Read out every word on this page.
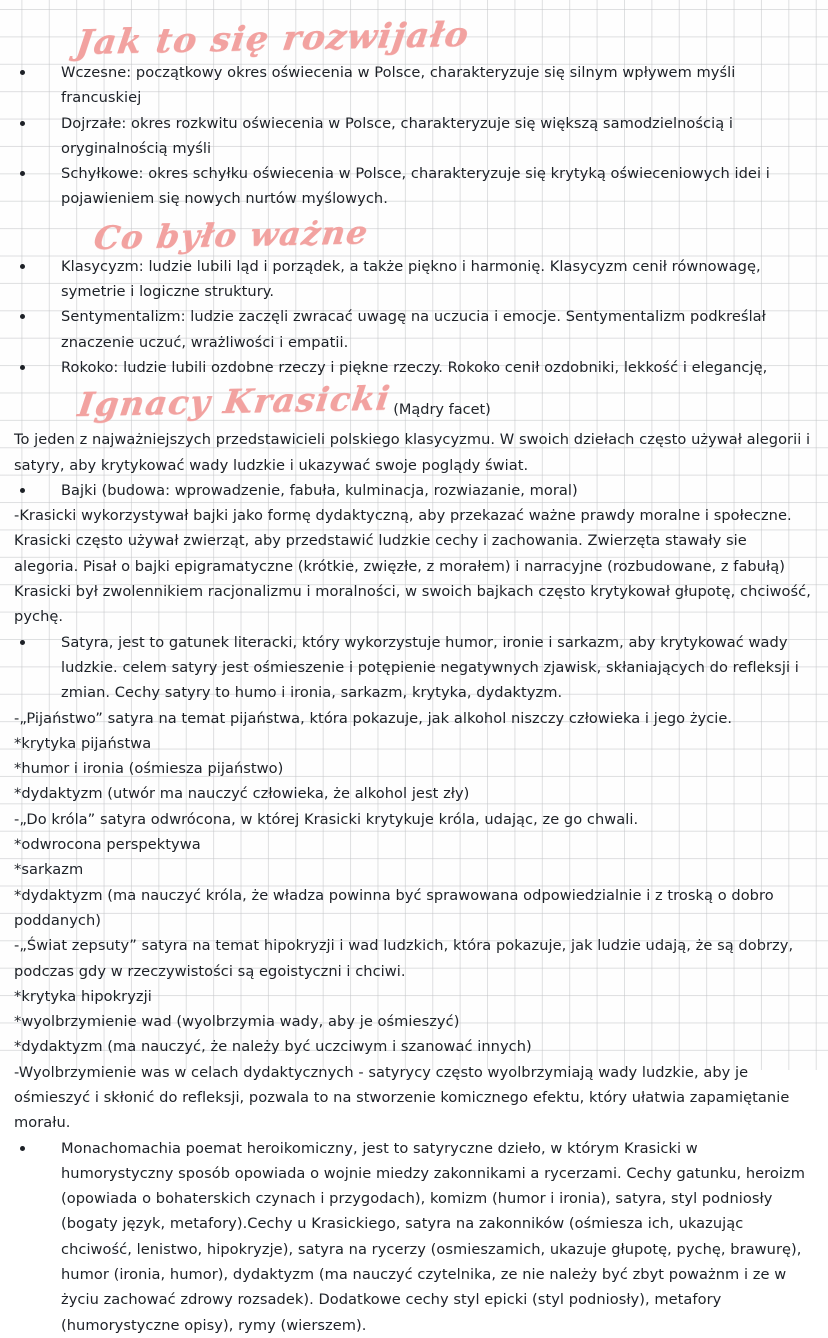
Jak to się rozwijało
Wczesne: początkowy okres oświecenia w Polsce, charakteryzuje się silnym wpływem myśli francuskiej
Dojrzałe: okres rozkwitu oświecenia w Polsce, charakteryzuje się większą samodzielnością i oryginalnością myśli
Schyłkowe: okres schyłku oświecenia w Polsce, charakteryzuje się krytyką oświeceniowych idei i pojawieniem się nowych nurtów myślowych.
Co było ważne
Klasycyzm: ludzie lubili ląd i porządek, a także piękno i harmonię. Klasycyzm cenił równowagę, symetrie i logiczne struktury.
Sentymentalizm: ludzie zaczęli zwracać uwagę na uczucia i emocje. Sentymentalizm podkreślał znaczenie uczuć, wrażliwości i empatii.
Rokoko: ludzie lubili ozdobne rzeczy i piękne rzeczy. Rokoko cenił ozdobniki, lekkość i elegancję,
Ignacy Krasicki(Mądry facet)

To jeden z najważniejszych przedstawicieli polskiego klasycyzmu. W swoich dziełach często używał alegorii i satyry, aby krytykować wady ludzkie i ukazywać swoje poglądy świat.

Bajki (budowa: wprowadzenie, fabuła, kulminacja, rozwiazanie, moral)

-Krasicki wykorzystywał bajki jako formę dydaktyczną, aby przekazać ważne prawdy moralne i społeczne. Krasicki często używał zwierząt, aby przedstawić ludzkie cechy i zachowania. Zwierzęta stawały sie alegoria. Pisał o bajki epigramatyczne (krótkie, zwięzłe, z morałem) i narracyjne (rozbudowane, z fabułą) Krasicki był zwolennikiem racjonalizmu i moralności, w swoich bajkach często krytykował głupotę, chciwość, pychę.

Satyra, jest to gatunek literacki, który wykorzystuje humor, ironie i sarkazm, aby krytykować wady ludzkie. celem satyry jest ośmieszenie i potępienie negatywnych zjawisk, skłaniających do refleksji i zmian. Cechy satyry to humo i ironia, sarkazm, krytyka, dydaktyzm.

-„Pijaństwo” satyra na temat pijaństwa, która pokazuje, jak alkohol niszczy człowieka i jego życie.

*krytyka pijaństwa

*humor i ironia (ośmiesza pijaństwo)

*dydaktyzm (utwór ma nauczyć człowieka, że alkohol jest zły)

-„Do króla” satyra odwrócona, w której Krasicki krytykuje króla, udając, ze go chwali.

*odwrocona perspektywa

*sarkazm

*dydaktyzm (ma nauczyć króla, że władza powinna być sprawowana odpowiedzialnie i z troską o dobro poddanych)

-„Świat zepsuty” satyra na temat hipokryzji i wad ludzkich, która pokazuje, jak ludzie udają, że są dobrzy, podczas gdy w rzeczywistości są egoistyczni i chciwi.

*krytyka hipokryzji

*wyolbrzymienie wad (wyolbrzymia wady, aby je ośmieszyć)

*dydaktyzm (ma nauczyć, że należy być uczciwym i szanować innych)

-Wyolbrzymienie was w celach dydaktycznych - satyrycy często wyolbrzymiają wady ludzkie, aby je ośmieszyć i skłonić do refleksji, pozwala to na stworzenie komicznego efektu, który ułatwia zapamiętanie morału.

Monachomachia poemat heroikomiczny, jest to satyryczne dzieło, w którym Krasicki w humorystyczny sposób opowiada o wojnie miedzy zakonnikami a rycerzami. Cechy gatunku, heroizm (opowiada o bohaterskich czynach i przygodach), komizm (humor i ironia), satyra, styl podniosły (bogaty język, metafory).Cechy u Krasickiego, satyra na zakonników (ośmiesza ich, ukazując chciwość, lenistwo, hipokryzje), satyra na rycerzy (osmieszamich, ukazuje głupotę, pychę, brawurę), humor (ironia, humor), dydaktyzm (ma nauczyć czytelnika, ze nie należy być zbyt poważnm i ze w życiu zachować zdrowy rozsadek). Dodatkowe cechy styl epicki (styl podniosły), metafory (humorystyczne opisy), rymy (wierszem).
